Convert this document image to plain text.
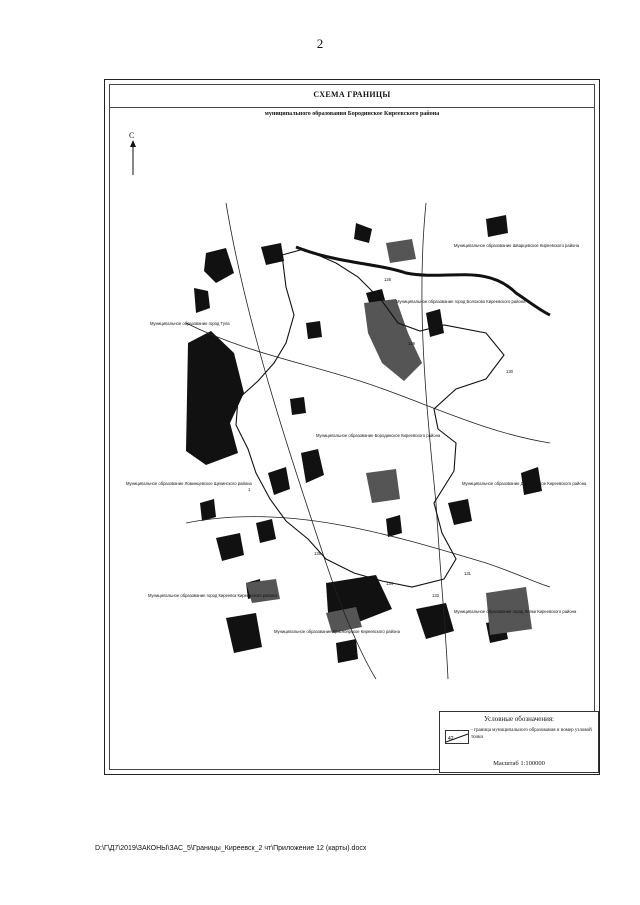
2
СХЕМА ГРАНИЦЫ
муниципального образования Бородинское Киреевского района
С
Муниципальное образование Шварцевское Киреевского района
Муниципальное образование город Болохово Киреевского района
Муниципальное образование город Тула
Муниципальное образование Бородинское Киреевского района
Муниципальное образование Ломинцевское Щекинского района	Муниципальное образование Дедиловское Киреевского района
Муниципальное образование город Киреевск Киреевского района
Муниципальное образование Красноярское Киреевского района
Муниципальное образование город Липки Киреевского района
126
129
130
131
133
134
135
1
Условные обозначения:
42
- граница муниципального образования и номер узловой точки
Масштаб 1:100000
D:\Г\Д7\2019\ЗАКОНЫ\ЗАС_5\Границы_Киреевск_2 чт\Приложение 12 (карты).docx
